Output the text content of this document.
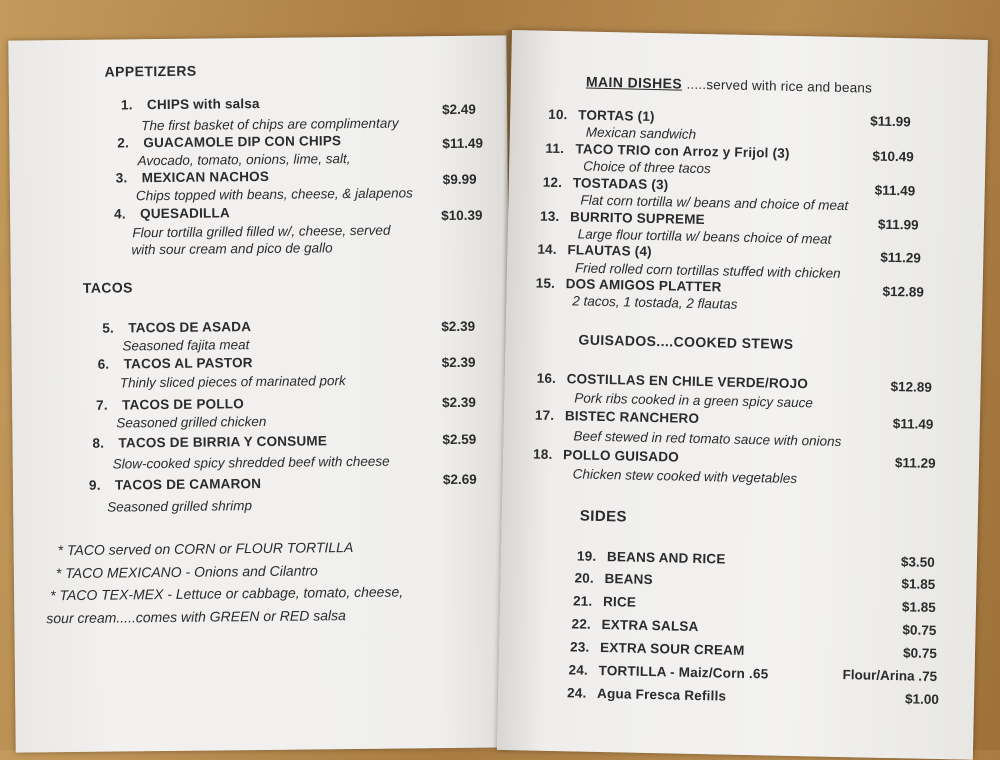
APPETIZERS
1. CHIPS with salsa	$2.49
The first basket of chips are complimentary
2. GUACAMOLE DIP CON CHIPS	$11.49
Avocado, tomato, onions, lime, salt,
3. MEXICAN NACHOS	$9.99
Chips topped with beans, cheese, & jalapenos
4. QUESADILLA	$10.39
Flour tortilla grilled filled w/, cheese, served
with sour cream and pico de gallo
TACOS
5. TACOS DE ASADA	$2.39
Seasoned fajita meat
6. TACOS AL PASTOR	$2.39
Thinly sliced pieces of marinated pork
7. TACOS DE POLLO	$2.39
Seasoned grilled chicken
8. TACOS DE BIRRIA Y CONSUME	$2.59
Slow-cooked spicy shredded beef with cheese
9. TACOS DE CAMARON	$2.69
Seasoned grilled shrimp
* TACO served on CORN or FLOUR TORTILLA
* TACO MEXICANO - Onions and Cilantro
* TACO TEX-MEX - Lettuce or cabbage, tomato, cheese,
sour cream.....comes with GREEN or RED salsa
MAIN DISHES .....served with rice and beans
10. TORTAS (1)	$11.99
Mexican sandwich
11. TACO TRIO con Arroz y Frijol (3)	$10.49
Choice of three tacos
12. TOSTADAS (3)	$11.49
Flat corn tortilla w/ beans and choice of meat
13. BURRITO SUPREME	$11.99
Large flour tortilla w/ beans choice of meat
14. FLAUTAS (4)	$11.29
Fried rolled corn tortillas stuffed with chicken
15. DOS AMIGOS PLATTER	$12.89
2 tacos, 1 tostada, 2 flautas
GUISADOS....COOKED STEWS
16. COSTILLAS EN CHILE VERDE/ROJO	$12.89
Pork ribs cooked in a green spicy sauce
17. BISTEC RANCHERO	$11.49
Beef stewed in red tomato sauce with onions
18. POLLO GUISADO	$11.29
Chicken stew cooked with vegetables
SIDES
19. BEANS AND RICE	$3.50
20. BEANS	$1.85
21. RICE	$1.85
22. EXTRA SALSA	$0.75
23. EXTRA SOUR CREAM	$0.75
24. TORTILLA - Maiz/Corn .65	Flour/Arina .75
24. Agua Fresca Refills	$1.00
